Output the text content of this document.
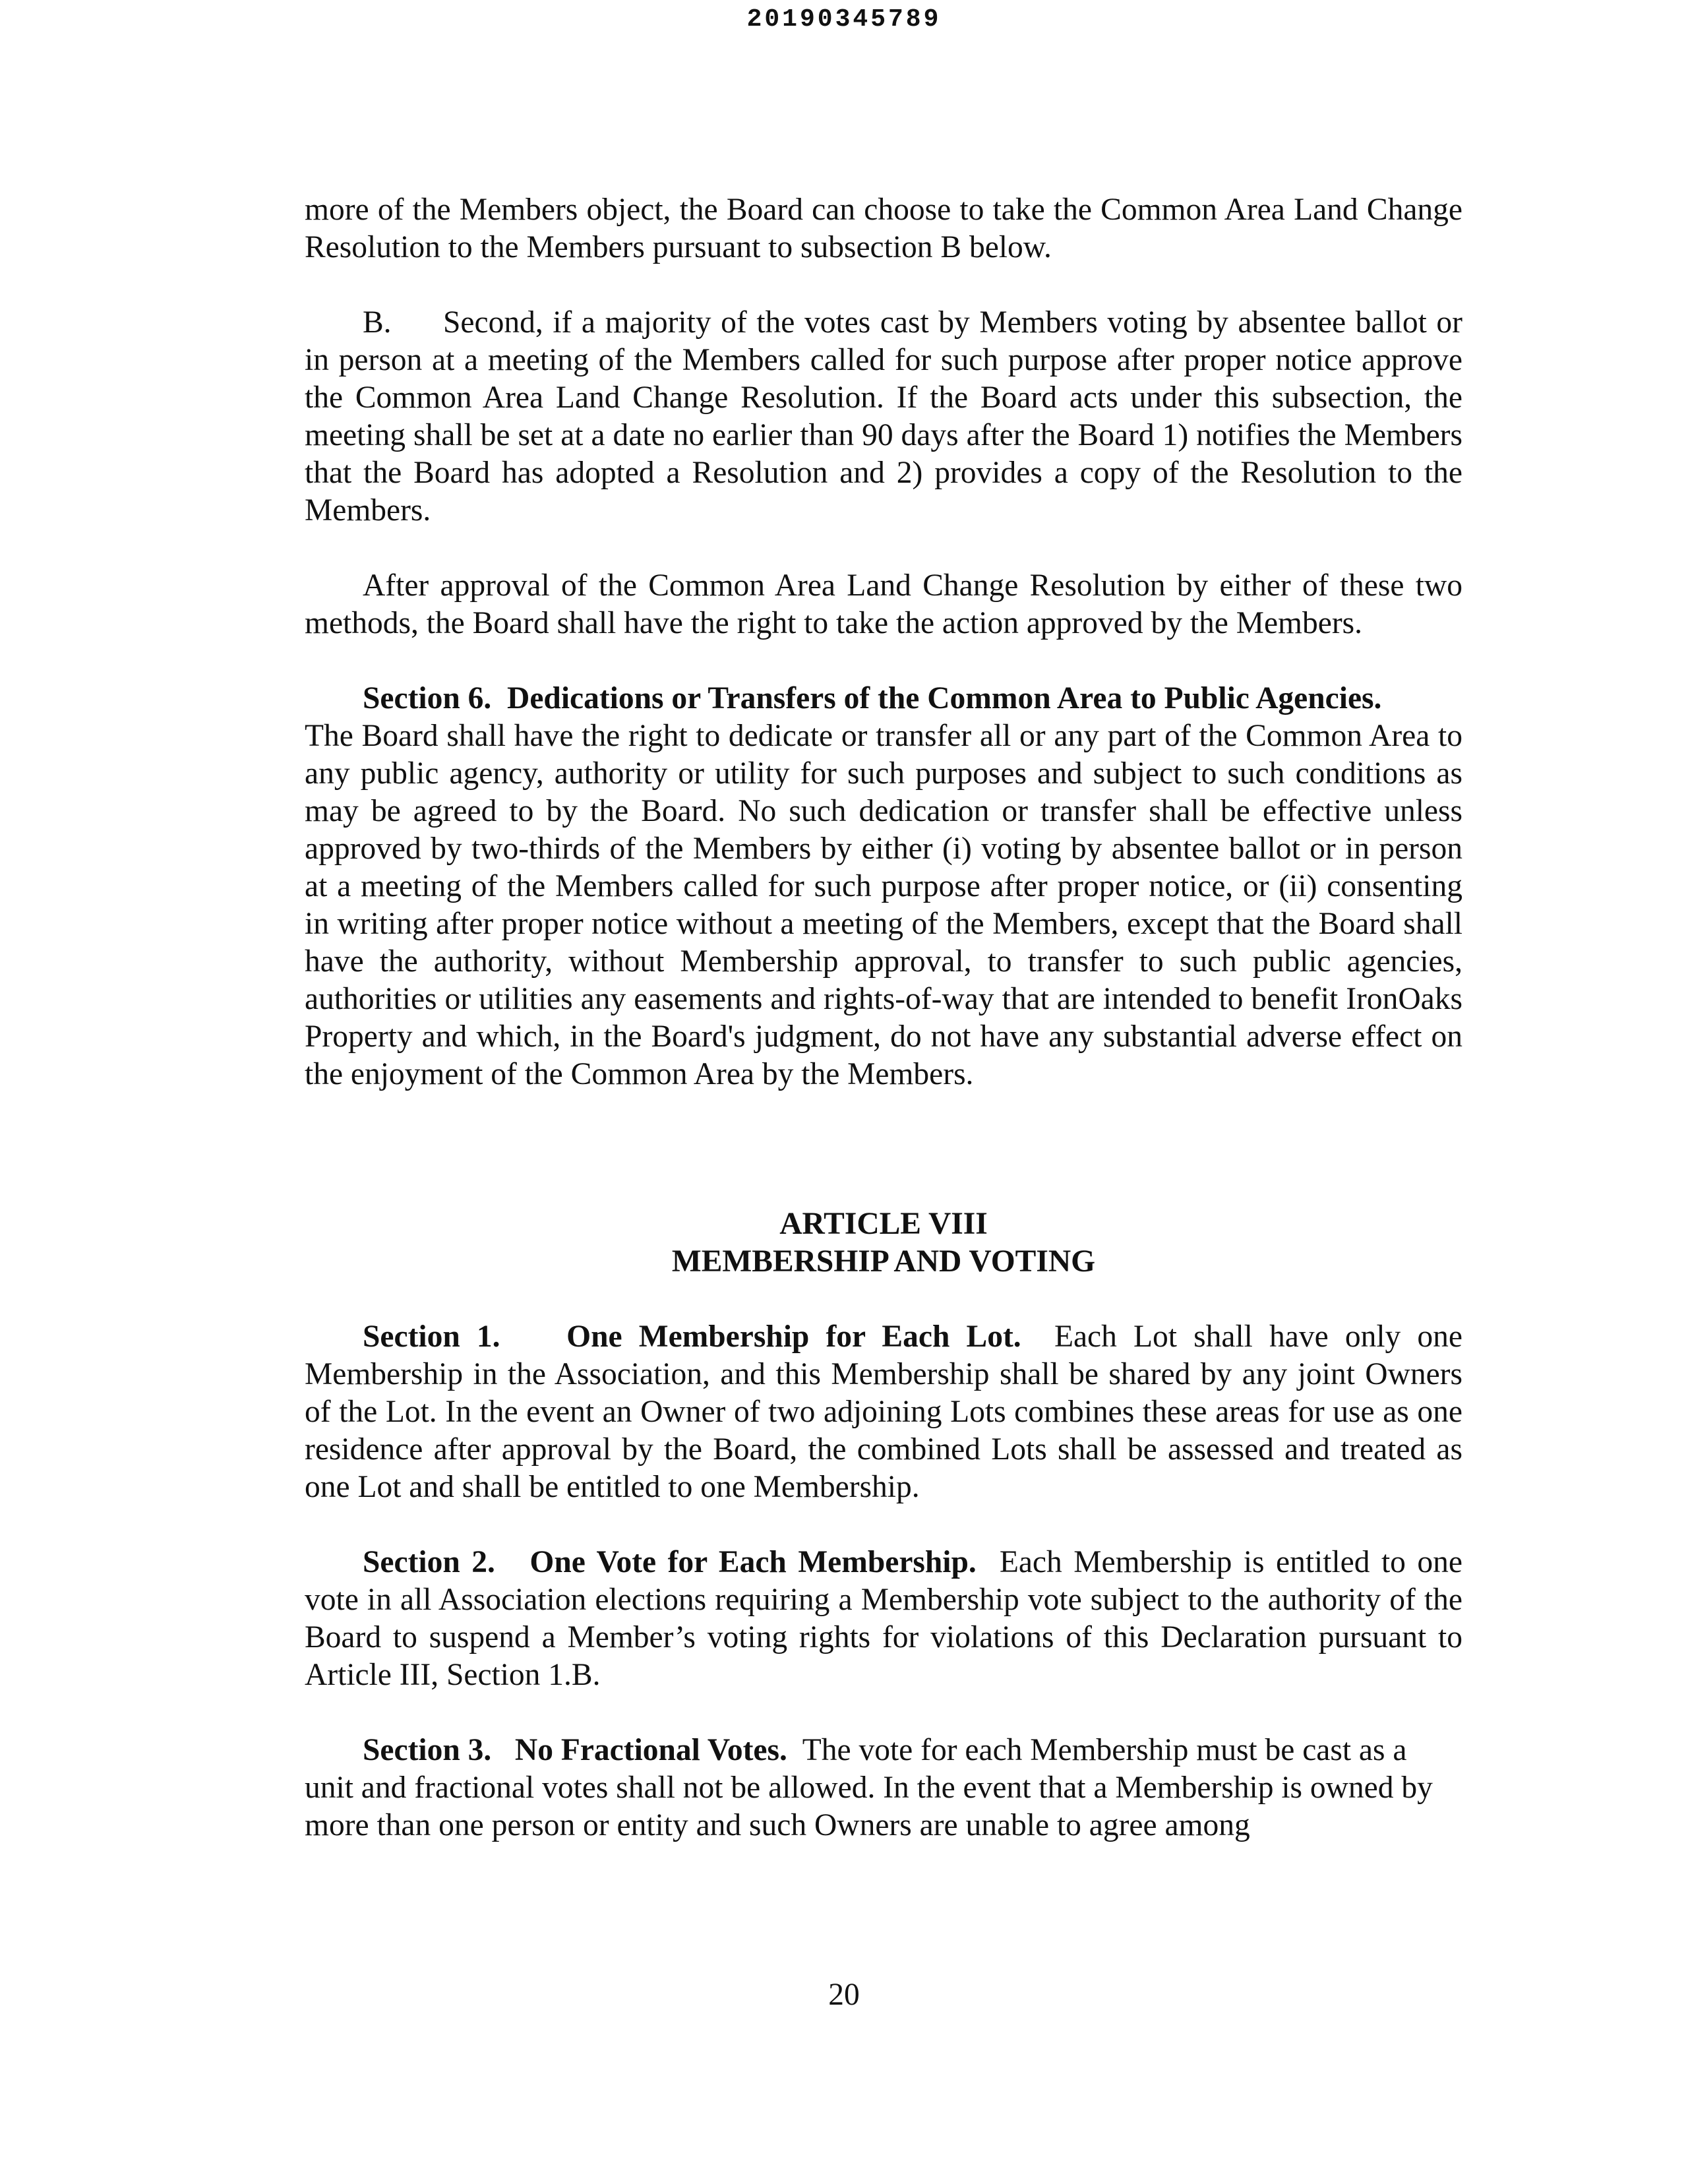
20190345789

more of the Members object, the Board can choose to take the Common Area Land Change Resolution to the Members pursuant to subsection B below.

B. Second, if a majority of the votes cast by Members voting by absentee ballot or in person at a meeting of the Members called for such purpose after proper notice approve the Common Area Land Change Resolution. If the Board acts under this subsection, the meeting shall be set at a date no earlier than 90 days after the Board 1) notifies the Members that the Board has adopted a Resolution and 2) provides a copy of the Resolution to the Members.

After approval of the Common Area Land Change Resolution by either of these two methods, the Board shall have the right to take the action approved by the Members.

Section 6. Dedications or Transfers of the Common Area to Public Agencies.

The Board shall have the right to dedicate or transfer all or any part of the Common Area to any public agency, authority or utility for such purposes and subject to such conditions as may be agreed to by the Board. No such dedication or transfer shall be effective unless approved by two-thirds of the Members by either (i) voting by absentee ballot or in person at a meeting of the Members called for such purpose after proper notice, or (ii) consenting in writing after proper notice without a meeting of the Members, except that the Board shall have the authority, without Membership approval, to transfer to such public agencies, authorities or utilities any easements and rights-of-way that are intended to benefit IronOaks Property and which, in the Board's judgment, do not have any substantial adverse effect on the enjoyment of the Common Area by the Members.

ARTICLE VIII
MEMBERSHIP AND VOTING

Section 1. One Membership for Each Lot. Each Lot shall have only one Membership in the Association, and this Membership shall be shared by any joint Owners of the Lot. In the event an Owner of two adjoining Lots combines these areas for use as one residence after approval by the Board, the combined Lots shall be assessed and treated as one Lot and shall be entitled to one Membership.

Section 2. One Vote for Each Membership. Each Membership is entitled to one vote in all Association elections requiring a Membership vote subject to the authority of the Board to suspend a Member’s voting rights for violations of this Declaration pursuant to Article III, Section 1.B.

Section 3. No Fractional Votes. The vote for each Membership must be cast as a unit and fractional votes shall not be allowed. In the event that a Membership is owned by more than one person or entity and such Owners are unable to agree among

20
